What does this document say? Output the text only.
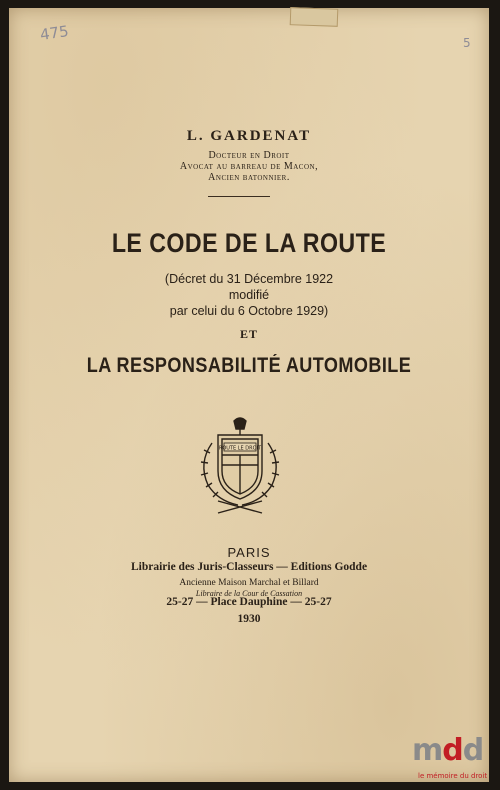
475	5
L. GARDENAT
Docteur en Droit
Avocat au barreau de Macon,
Ancien batonnier.
LE CODE DE LA ROUTE
(Décret du 31 Décembre 1922
modifié
par celui du 6 Octobre 1929)
ET
LA RESPONSABILITÉ AUTOMOBILE
ROUTE LE DROIT
PARIS
Librairie des Juris-Classeurs — Editions Godde
Ancienne Maison Marchal et Billard
Libraire de la Cour de Cassation
25-27 — Place Dauphine — 25-27
1930
mdd
le mémoire du droit
